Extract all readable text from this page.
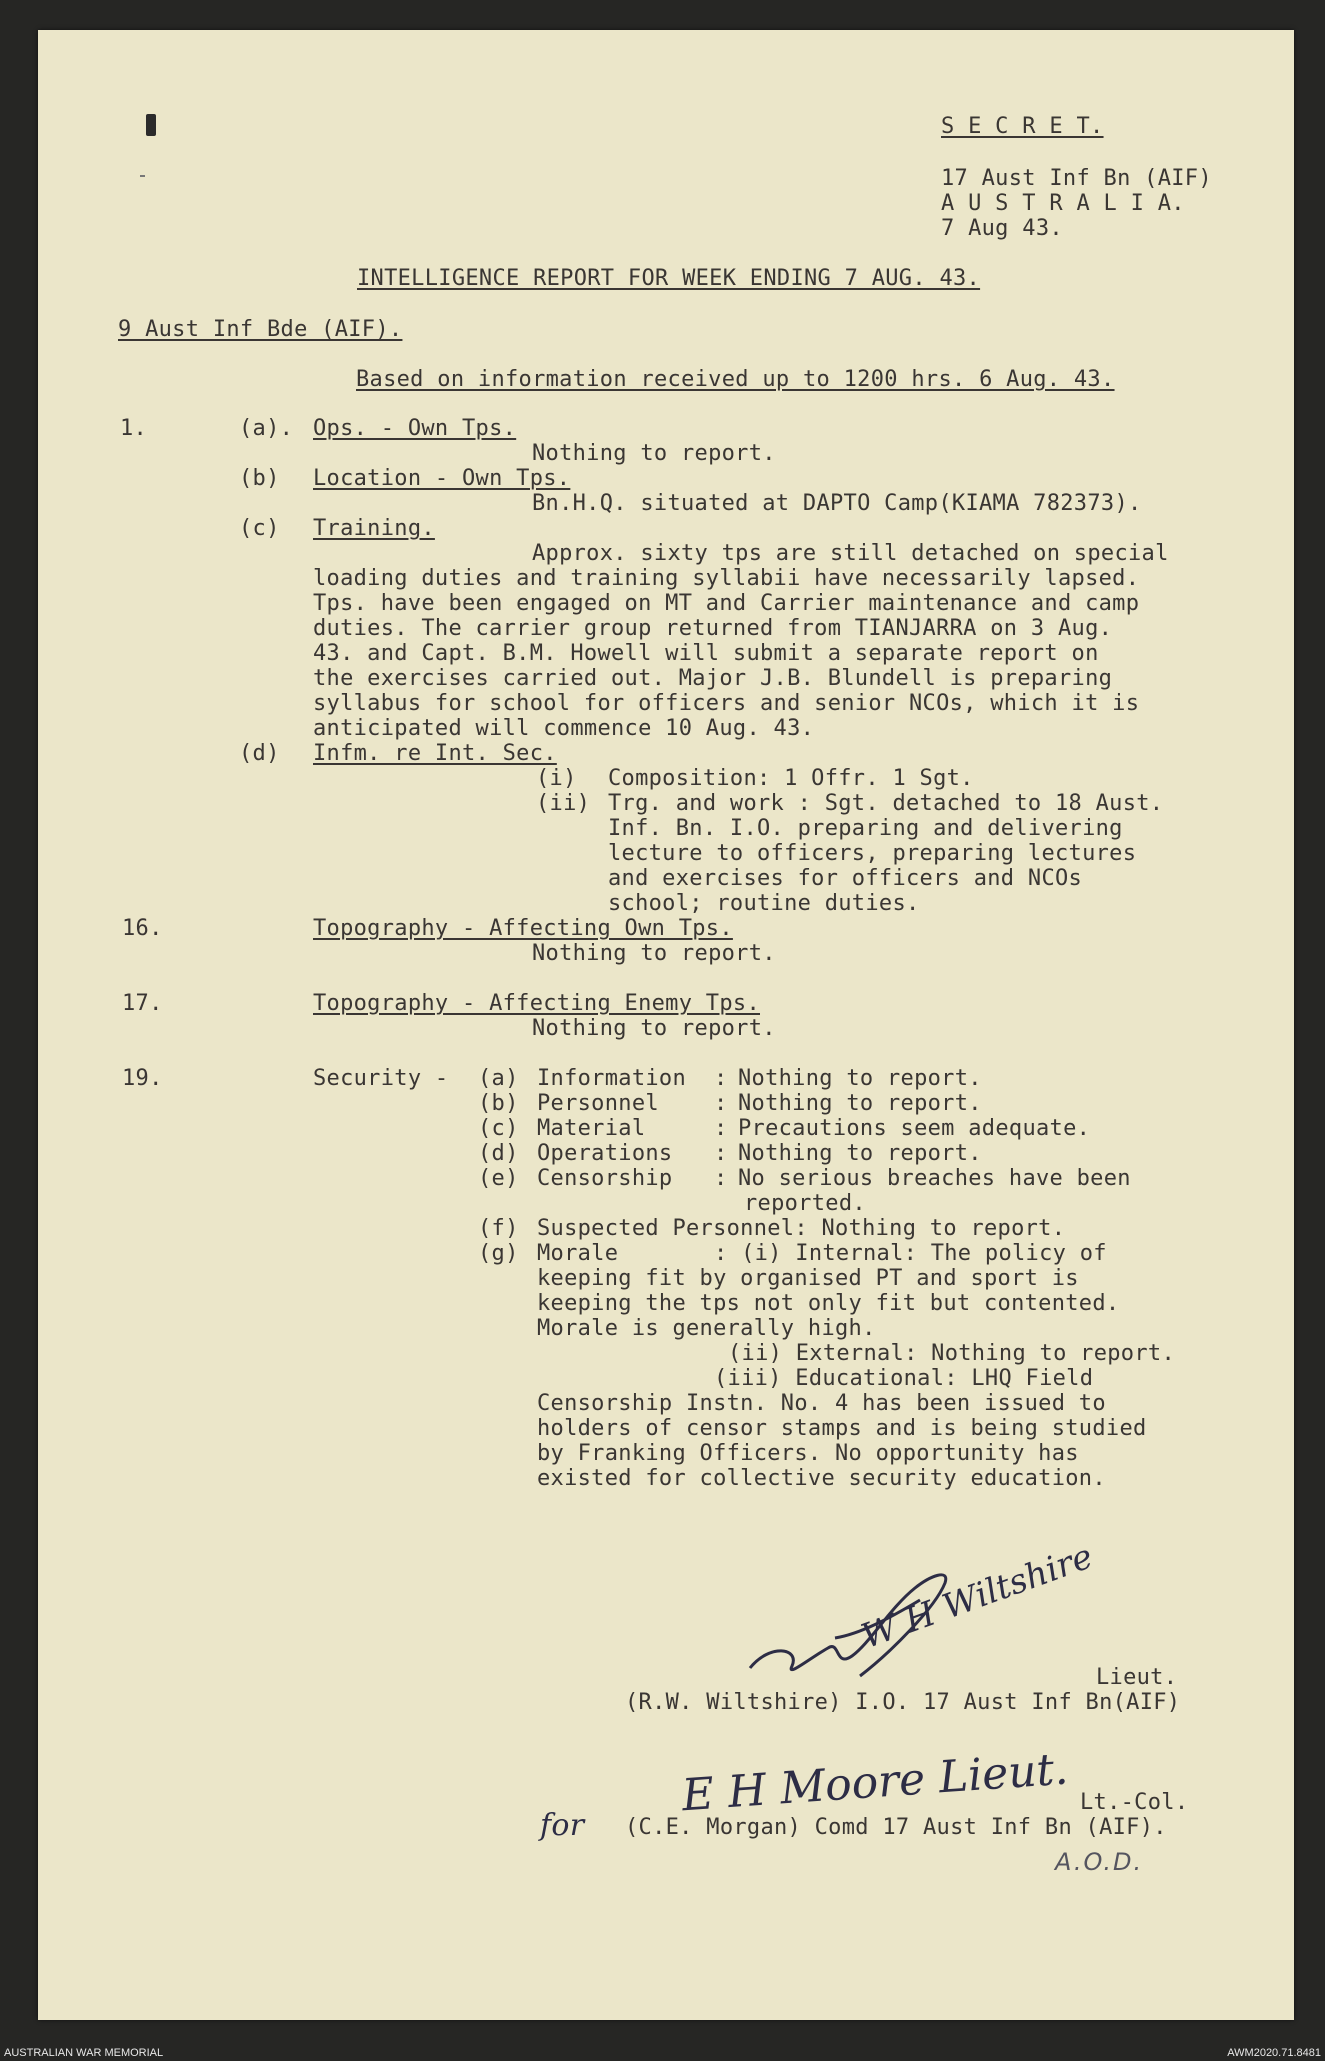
S E C R E T.
17 Aust Inf Bn (AIF)
A U S T R A L I A.
7 Aug 43.
INTELLIGENCE REPORT FOR WEEK ENDING 7 AUG. 43.
9 Aust Inf Bde (AIF).
Based on information received up to 1200 hrs. 6 Aug. 43.
1.	(a). Ops. - Own Tps.
Nothing to report.
(b) Location - Own Tps.
Bn.H.Q. situated at DAPTO Camp(KIAMA 782373).
(c) Training.
Approx. sixty tps are still detached on special
loading duties and training syllabii have necessarily lapsed.
Tps. have been engaged on MT and Carrier maintenance and camp
duties. The carrier group returned from TIANJARRA on 3 Aug.
43. and Capt. B.M. Howell will submit a separate report on
the exercises carried out. Major J.B. Blundell is preparing
syllabus for school for officers and senior NCOs, which it is
anticipated will commence 10 Aug. 43.
(d) Infm. re Int. Sec.
(i) Composition: 1 Offr. 1 Sgt.
(ii) Trg. and work : Sgt. detached to 18 Aust.
Inf. Bn. I.O. preparing and delivering
lecture to officers, preparing lectures
and exercises for officers and NCOs
school; routine duties.
16.	Topography - Affecting Own Tps.
Nothing to report.
17.	Topography - Affecting Enemy Tps.
Nothing to report.
19.	Security - (a) Information : Nothing to report.
(b) Personnel	: Nothing to report.
(c) Material	: Precautions seem adequate.
(d) Operations : Nothing to report.
(e) Censorship : No serious breaches have been
reported.
(f) Suspected Personnel: Nothing to report.
(g) Morale	: (i) Internal: The policy of
keeping fit by organised PT and sport is
keeping the tps not only fit but contented.
Morale is generally high.
(ii) External: Nothing to report.
(iii) Educational: LHQ Field
Censorship Instn. No. 4 has been issued to
holders of censor stamps and is being studied
by Franking Officers. No opportunity has
existed for collective security education.
W H Wiltshire
Lieut.
(R.W. Wiltshire) I.O. 17 Aust Inf Bn(AIF)
E H Moore Lieut. Lt.-Col.
for (C.E. Morgan) Comd 17 Aust Inf Bn (AIF).
A.O.D.
AUSTRALIAN WAR MEMORIAL	AWM2020.71.8481
